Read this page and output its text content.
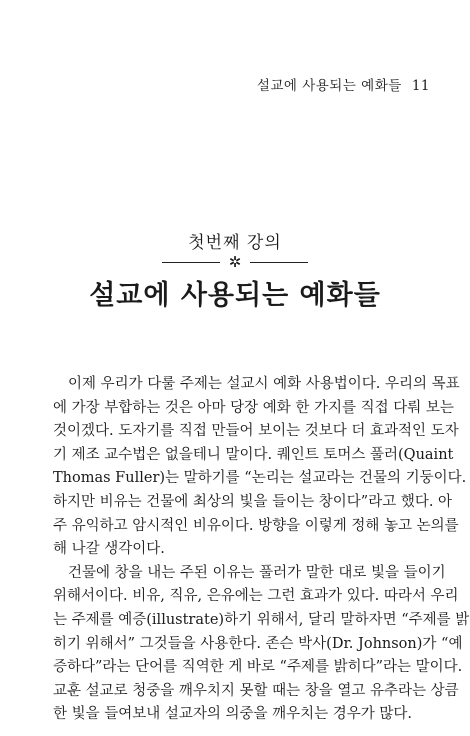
설교에 사용되는 예화들 11
첫번째 강의
✲
설교에 사용되는 예화들
이제 우리가 다룰 주제는 설교시 예화 사용법이다. 우리의 목표
에 가장 부합하는 것은 아마 당장 예화 한 가지를 직접 다뤄 보는
것이겠다. 도자기를 직접 만들어 보이는 것보다 더 효과적인 도자
기 제조 교수법은 없을테니 말이다. 퀘인트 토머스 풀러(Quaint
Thomas Fuller)는 말하기를 “논리는 설교라는 건물의 기둥이다.
하지만 비유는 건물에 최상의 빛을 들이는 창이다”라고 했다. 아
주 유익하고 암시적인 비유이다. 방향을 이렇게 정해 놓고 논의를
해 나갈 생각이다.
건물에 창을 내는 주된 이유는 풀러가 말한 대로 빛을 들이기
위해서이다. 비유, 직유, 은유에는 그런 효과가 있다. 따라서 우리
는 주제를 예증(illustrate)하기 위해서, 달리 말하자면 “주제를 밝
히기 위해서” 그것들을 사용한다. 존슨 박사(Dr. Johnson)가 “예
증하다”라는 단어를 직역한 게 바로 “주제를 밝히다”라는 말이다.
교훈 설교로 청중을 깨우치지 못할 때는 창을 열고 유추라는 상큼
한 빛을 들여보내 설교자의 의중을 깨우치는 경우가 많다.
